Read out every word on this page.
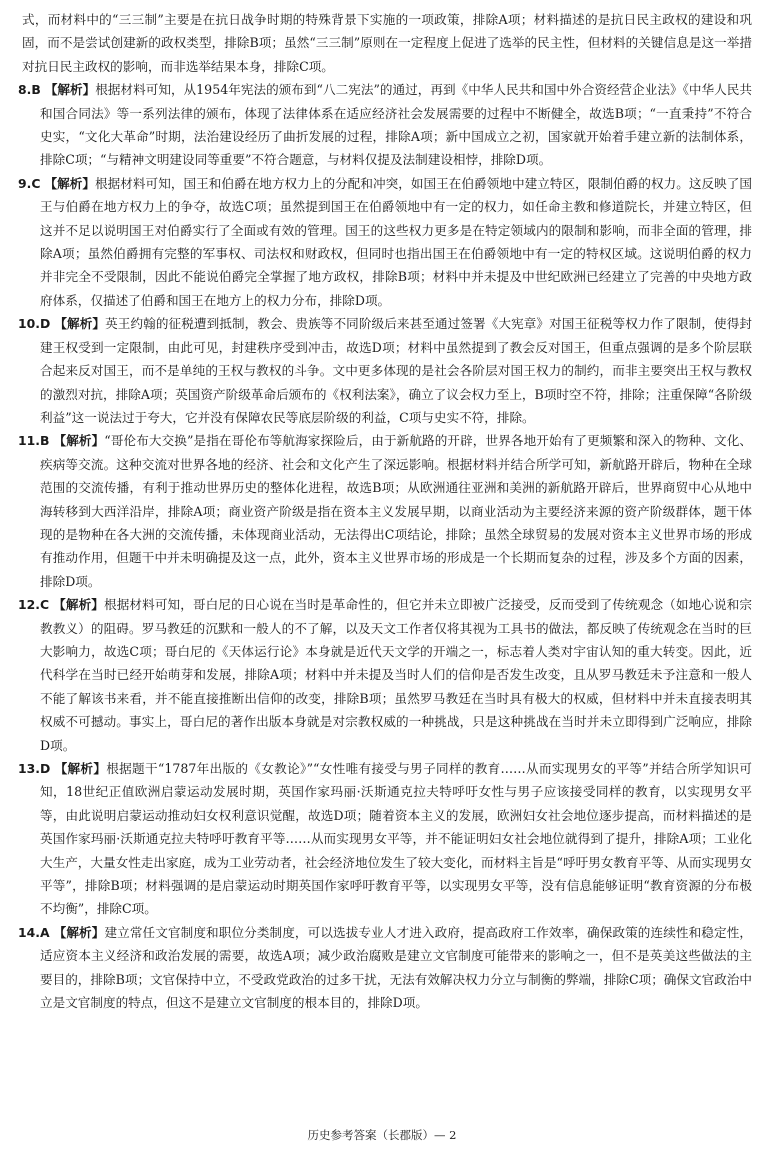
式，而材料中的“三三制”主要是在抗日战争时期的特殊背景下实施的一项政策，排除A项；材料描述的是抗日民主政权的建设和巩固，而不是尝试创建新的政权类型，排除B项；虽然“三三制”原则在一定程度上促进了选举的民主性，但材料的关键信息是这一举措对抗日民主政权的影响，而非选举结果本身，排除C项。

8.B 【解析】根据材料可知，从1954年宪法的颁布到“八二宪法”的通过，再到《中华人民共和国中外合资经营企业法》《中华人民共和国合同法》等一系列法律的颁布，体现了法律体系在适应经济社会发展需要的过程中不断健全，故选B项；“一直秉持”不符合史实，“文化大革命”时期，法治建设经历了曲折发展的过程，排除A项；新中国成立之初，国家就开始着手建立新的法制体系，排除C项；“与精神文明建设同等重要”不符合题意，与材料仅提及法制建设相悖，排除D项。

9.C 【解析】根据材料可知，国王和伯爵在地方权力上的分配和冲突，如国王在伯爵领地中建立特区，限制伯爵的权力。这反映了国王与伯爵在地方权力上的争夺，故选C项；虽然提到国王在伯爵领地中有一定的权力，如任命主教和修道院长，并建立特区，但这并不足以说明国王对伯爵实行了全面或有效的管理。国王的这些权力更多是在特定领域内的限制和影响，而非全面的管理，排除A项；虽然伯爵拥有完整的军事权、司法权和财政权，但同时也指出国王在伯爵领地中有一定的特权区域。这说明伯爵的权力并非完全不受限制，因此不能说伯爵完全掌握了地方政权，排除B项；材料中并未提及中世纪欧洲已经建立了完善的中央地方政府体系，仅描述了伯爵和国王在地方上的权力分布，排除D项。

10.D 【解析】英王约翰的征税遭到抵制，教会、贵族等不同阶级后来甚至通过签署《大宪章》对国王征税等权力作了限制，使得封建王权受到一定限制，由此可见，封建秩序受到冲击，故选D项；材料中虽然提到了教会反对国王，但重点强调的是多个阶层联合起来反对国王，而不是单纯的王权与教权的斗争。文中更多体现的是社会各阶层对国王权力的制约，而非主要突出王权与教权的激烈对抗，排除A项；英国资产阶级革命后颁布的《权利法案》，确立了议会权力至上，B项时空不符，排除；注重保障“各阶级利益”这一说法过于夸大，它并没有保障农民等底层阶级的利益，C项与史实不符，排除。

11.B 【解析】“哥伦布大交换”是指在哥伦布等航海家探险后，由于新航路的开辟，世界各地开始有了更频繁和深入的物种、文化、疾病等交流。这种交流对世界各地的经济、社会和文化产生了深远影响。根据材料并结合所学可知，新航路开辟后，物种在全球范围的交流传播，有利于推动世界历史的整体化进程，故选B项；从欧洲通往亚洲和美洲的新航路开辟后，世界商贸中心从地中海转移到大西洋沿岸，排除A项；商业资产阶级是指在资本主义发展早期，以商业活动为主要经济来源的资产阶级群体，题干体现的是物种在各大洲的交流传播，未体现商业活动，无法得出C项结论，排除；虽然全球贸易的发展对资本主义世界市场的形成有推动作用，但题干中并未明确提及这一点，此外，资本主义世界市场的形成是一个长期而复杂的过程，涉及多个方面的因素，排除D项。

12.C 【解析】根据材料可知，哥白尼的日心说在当时是革命性的，但它并未立即被广泛接受，反而受到了传统观念（如地心说和宗教教义）的阻碍。罗马教廷的沉默和一般人的不了解，以及天文工作者仅将其视为工具书的做法，都反映了传统观念在当时的巨大影响力，故选C项；哥白尼的《天体运行论》本身就是近代天文学的开端之一，标志着人类对宇宙认知的重大转变。因此，近代科学在当时已经开始萌芽和发展，排除A项；材料中并未提及当时人们的信仰是否发生改变，且从罗马教廷未予注意和一般人不能了解该书来看，并不能直接推断出信仰的改变，排除B项；虽然罗马教廷在当时具有极大的权威，但材料中并未直接表明其权威不可撼动。事实上，哥白尼的著作出版本身就是对宗教权威的一种挑战，只是这种挑战在当时并未立即得到广泛响应，排除D项。

13.D 【解析】根据题干“1787年出版的《女教论》”“女性唯有接受与男子同样的教育……从而实现男女的平等”并结合所学知识可知，18世纪正值欧洲启蒙运动发展时期，英国作家玛丽·沃斯通克拉夫特呼吁女性与男子应该接受同样的教育，以实现男女平等，由此说明启蒙运动推动妇女权利意识觉醒，故选D项；随着资本主义的发展，欧洲妇女社会地位逐步提高，而材料描述的是英国作家玛丽·沃斯通克拉夫特呼吁教育平等……从而实现男女平等，并不能证明妇女社会地位就得到了提升，排除A项；工业化大生产，大量女性走出家庭，成为工业劳动者，社会经济地位发生了较大变化，而材料主旨是“呼吁男女教育平等、从而实现男女平等”，排除B项；材料强调的是启蒙运动时期英国作家呼吁教育平等，以实现男女平等，没有信息能够证明“教育资源的分布极不均衡”，排除C项。

14.A 【解析】建立常任文官制度和职位分类制度，可以选拔专业人才进入政府，提高政府工作效率，确保政策的连续性和稳定性，适应资本主义经济和政治发展的需要，故选A项；减少政治腐败是建立文官制度可能带来的影响之一，但不是英美这些做法的主要目的，排除B项；文官保持中立，不受政党政治的过多干扰，无法有效解决权力分立与制衡的弊端，排除C项；确保文官政治中立是文官制度的特点，但这不是建立文官制度的根本目的，排除D项。

历史参考答案（长郡版）— 2
